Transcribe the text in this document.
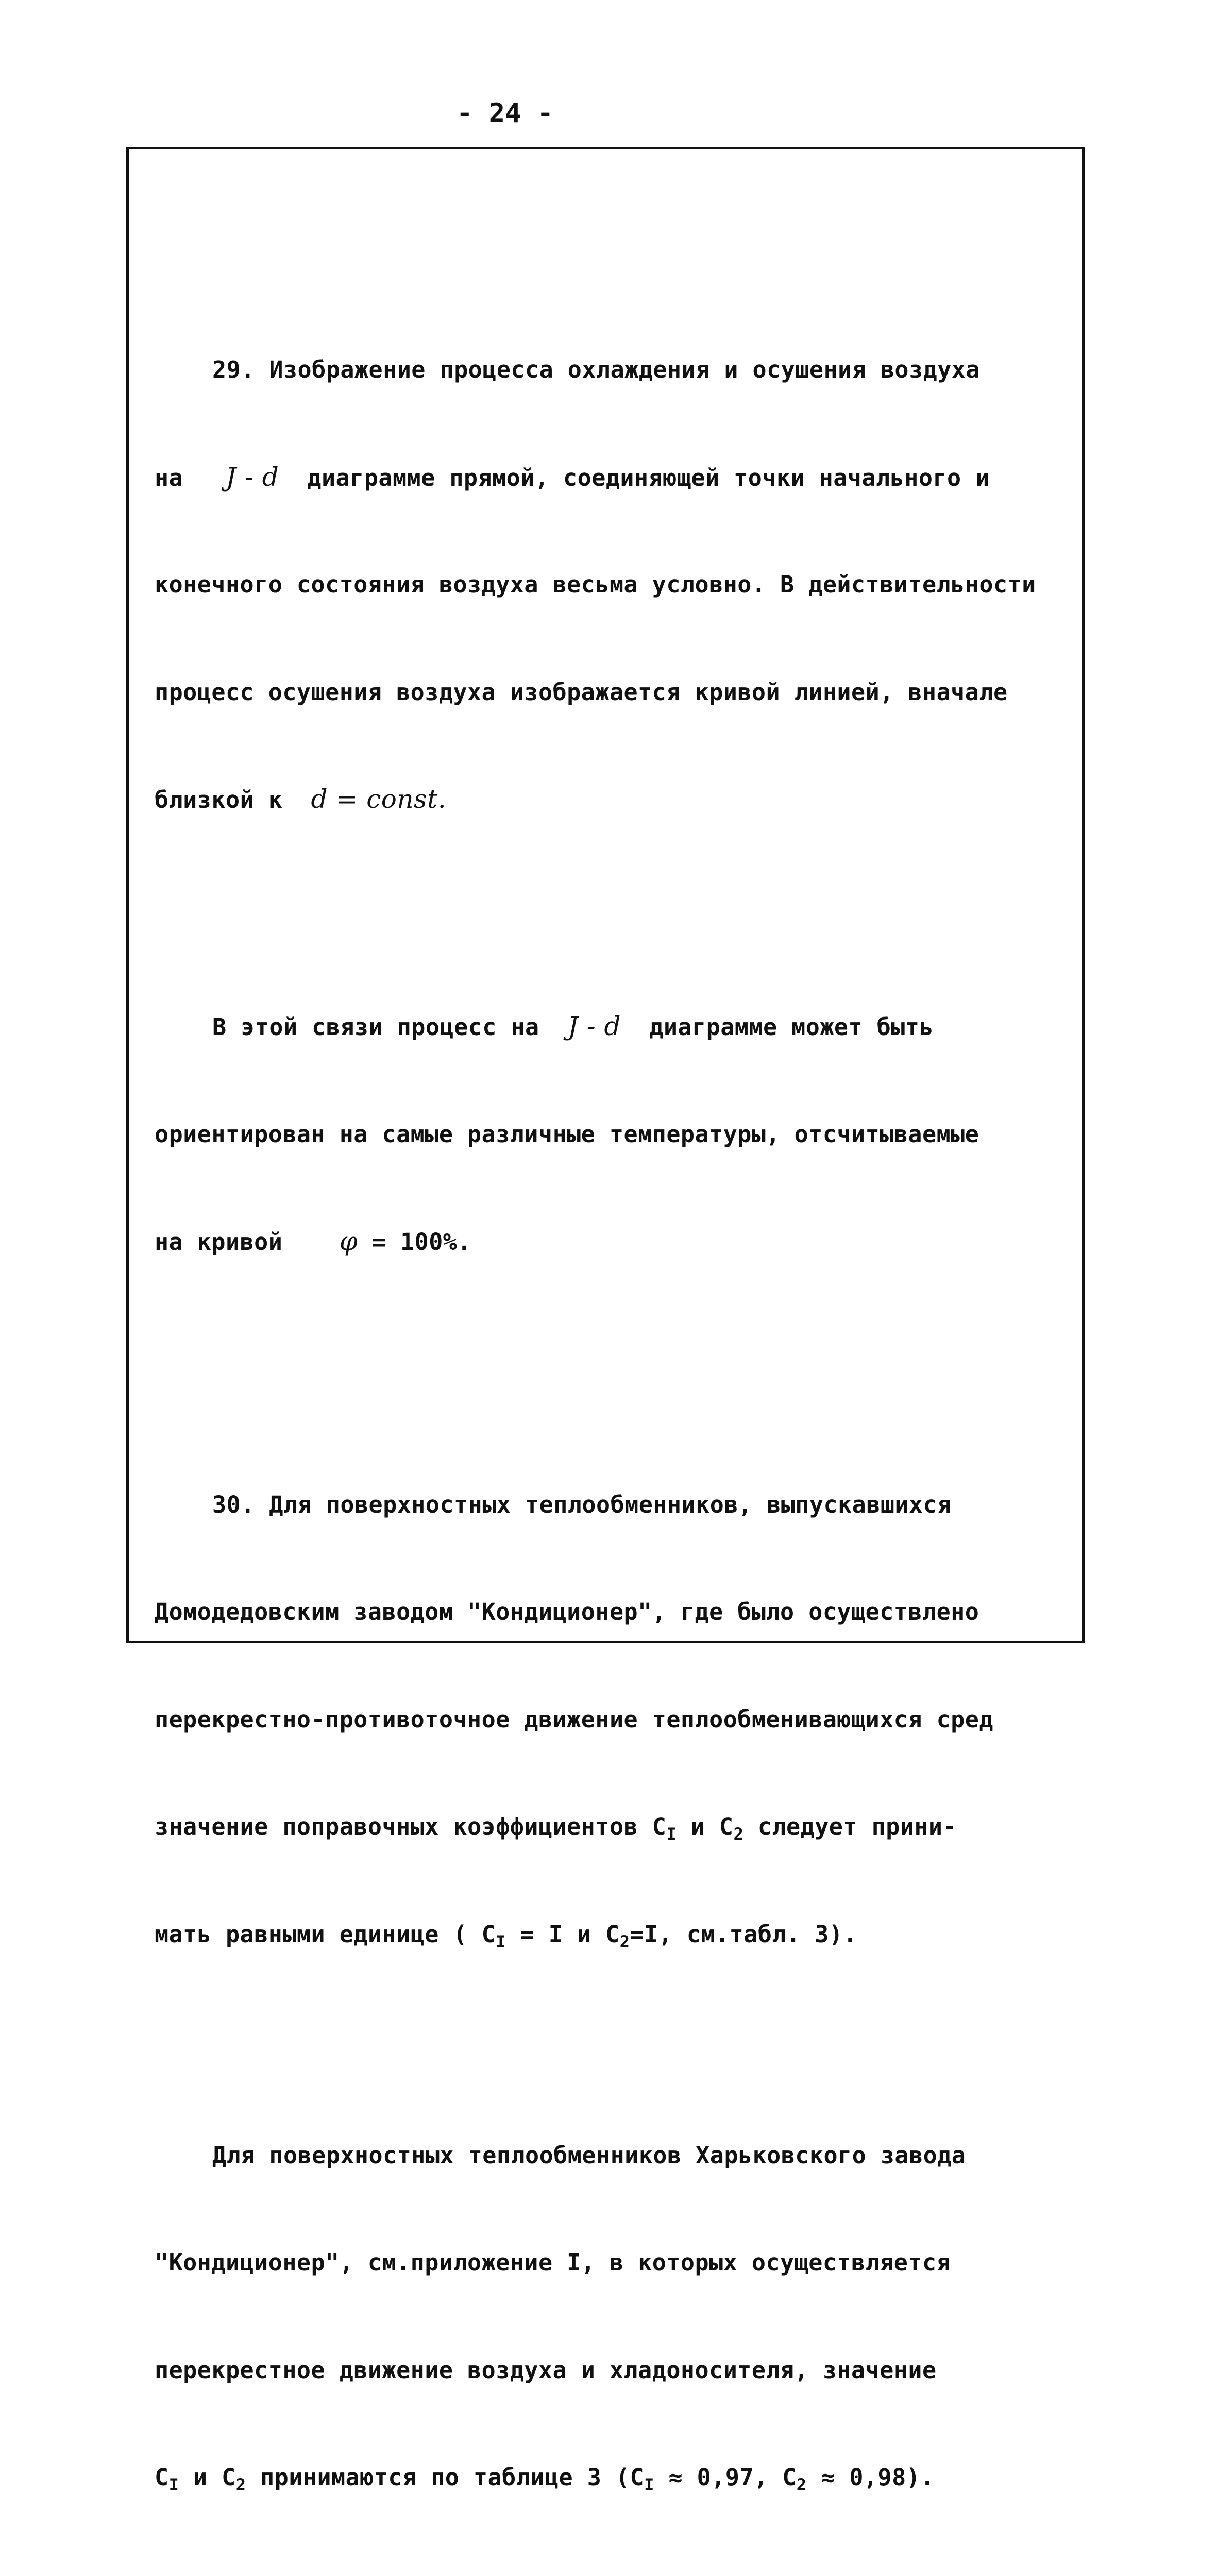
- 24 -

29. Изображение процесса охлаждения и осушения воздуха

на J - d диаграмме прямой, соединяющей точки начального и

конечного состояния воздуха весьма условно. В действительности

процесс осушения воздуха изображается кривой линией, вначале

близкой к d = const.

В этой связи процесс на J - d диаграмме может быть

ориентирован на самые различные температуры, отсчитываемые

на кривой φ = 100%.

30. Для поверхностных теплообменников, выпускавшихся

Домодедовским заводом "Кондиционер", где было осуществлено

перекрестно-противоточное движение теплообменивающихся сред

значение поправочных коэффициентов $C_I$ и $C_2$ следует прини-

мать равными единице ( $C_I = I$ и $C_2=I$, см.табл. 3).

Для поверхностных теплообменников Харьковского завода

"Кондиционер", см.приложение I, в которых осуществляется

перекрестное движение воздуха и хладоносителя, значение

$C_I$ и $C_2$ принимаются по таблице 3 ($C_I \approx 0,97$, $C_2 \approx 0,98$).
